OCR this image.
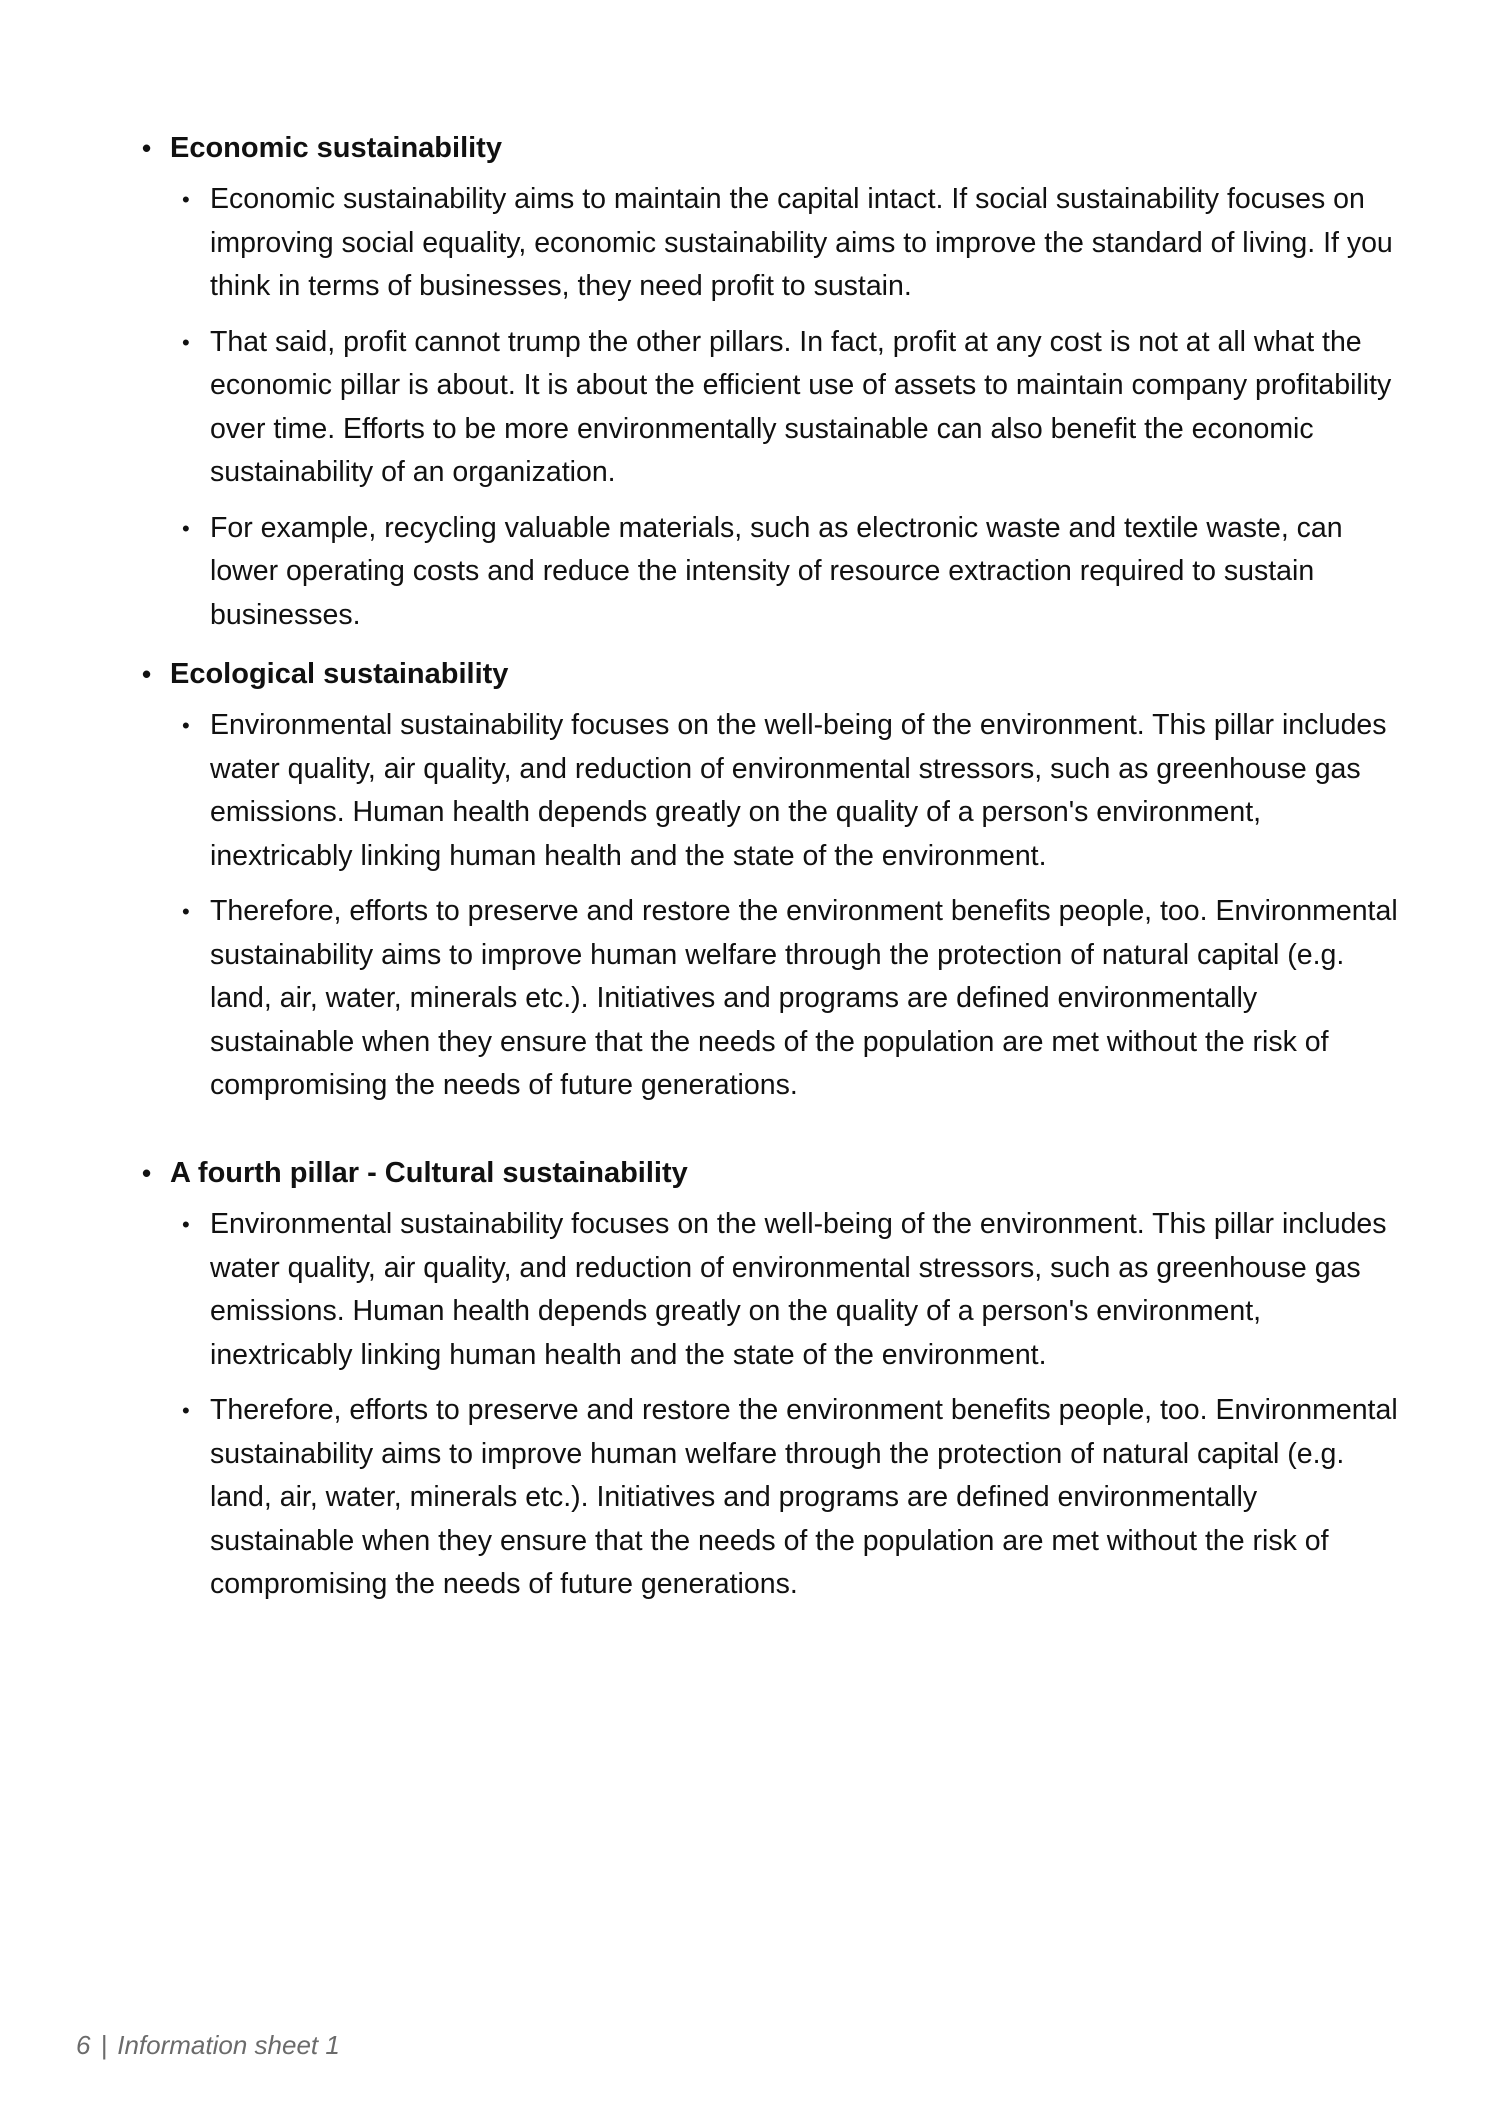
• Economic sustainability
• Economic sustainability aims to maintain the capital intact. If social sustainability focuses on improving social equality, economic sustainability aims to improve the standard of living. If you think in terms of businesses, they need profit to sustain.
• That said, profit cannot trump the other pillars. In fact, profit at any cost is not at all what the economic pillar is about. It is about the efficient use of assets to maintain company profitability over time. Efforts to be more environmentally sustainable can also benefit the economic sustainability of an organization.
• For example, recycling valuable materials, such as electronic waste and textile waste, can lower operating costs and reduce the intensity of resource extraction required to sustain businesses.
• Ecological sustainability
• Environmental sustainability focuses on the well-being of the environment. This pillar includes water quality, air quality, and reduction of environmental stressors, such as greenhouse gas emissions. Human health depends greatly on the quality of a person's environment, inextricably linking human health and the state of the environment.
• Therefore, efforts to preserve and restore the environment benefits people, too. Environmental sustainability aims to improve human welfare through the protection of natural capital (e.g. land, air, water, minerals etc.). Initiatives and programs are defined environmentally sustainable when they ensure that the needs of the population are met without the risk of compromising the needs of future generations.
• A fourth pillar - Cultural sustainability
• Environmental sustainability focuses on the well-being of the environment. This pillar includes water quality, air quality, and reduction of environmental stressors, such as greenhouse gas emissions. Human health depends greatly on the quality of a person's environment, inextricably linking human health and the state of the environment.
• Therefore, efforts to preserve and restore the environment benefits people, too. Environmental sustainability aims to improve human welfare through the protection of natural capital (e.g. land, air, water, minerals etc.). Initiatives and programs are defined environmentally sustainable when they ensure that the needs of the population are met without the risk of compromising the needs of future generations.
6 | Information sheet 1
